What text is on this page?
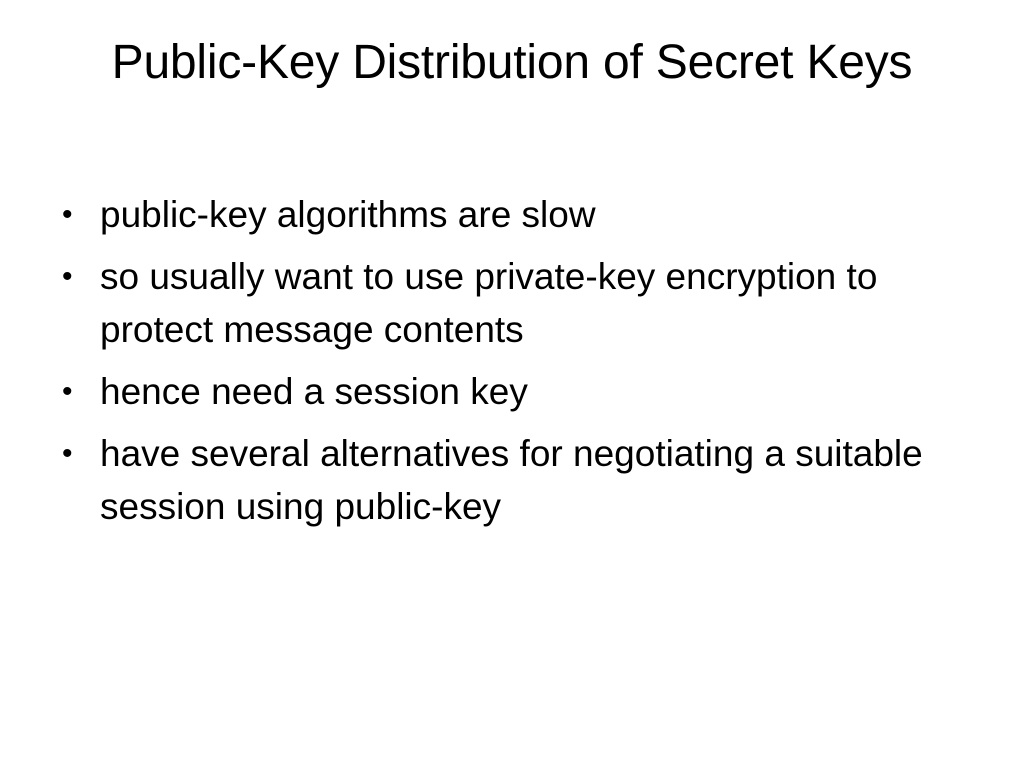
Public-Key Distribution of Secret Keys
• public-key algorithms are slow
• so usually want to use private-key encryption to protect message contents
• hence need a session key
• have several alternatives for negotiating a suitable session using public-key
